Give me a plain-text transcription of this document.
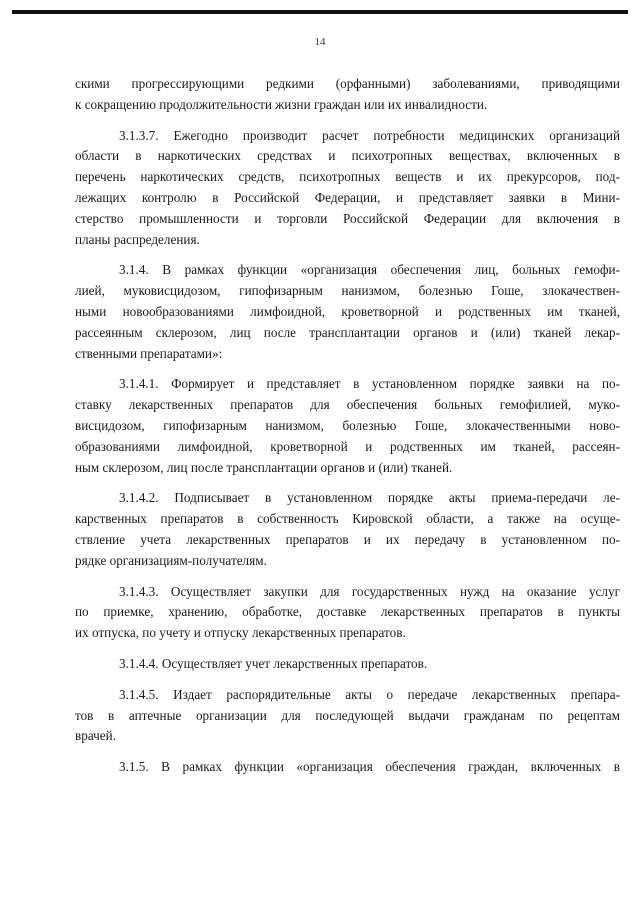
14
скими прогрессирующими редкими (орфанными) заболеваниями, приводящими
к сокращению продолжительности жизни граждан или их инвалидности.
3.1.3.7. Ежегодно производит расчет потребности медицинских организаций
области в наркотических средствах и психотропных веществах, включенных в
перечень наркотических средств, психотропных веществ и их прекурсоров, под-
лежащих контролю в Российской Федерации, и представляет заявки в Мини-
стерство промышленности и торговли Российской Федерации для включения в
планы распределения.
3.1.4. В рамках функции «организация обеспечения лиц, больных гемофи-
лией, муковисцидозом, гипофизарным нанизмом, болезнью Гоше, злокачествен-
ными новообразованиями лимфоидной, кроветворной и родственных им тканей,
рассеянным склерозом, лиц после трансплантации органов и (или) тканей лекар-
ственными препаратами»:
3.1.4.1. Формирует и представляет в установленном порядке заявки на по-
ставку лекарственных препаратов для обеспечения больных гемофилией, муко-
висцидозом, гипофизарным нанизмом, болезнью Гоше, злокачественными ново-
образованиями лимфоидной, кроветворной и родственных им тканей, рассеян-
ным склерозом, лиц после трансплантации органов и (или) тканей.
3.1.4.2. Подписывает в установленном порядке акты приема-передачи ле-
карственных препаратов в собственность Кировской области, а также на осуще-
ствление учета лекарственных препаратов и их передачу в установленном по-
рядке организациям-получателям.
3.1.4.3. Осуществляет закупки для государственных нужд на оказание услуг
по приемке, хранению, обработке, доставке лекарственных препаратов в пункты
их отпуска, по учету и отпуску лекарственных препаратов.
3.1.4.4. Осуществляет учет лекарственных препаратов.
3.1.4.5. Издает распорядительные акты о передаче лекарственных препара-
тов в аптечные организации для последующей выдачи гражданам по рецептам
врачей.
3.1.5. В рамках функции «организация обеспечения граждан, включенных в
